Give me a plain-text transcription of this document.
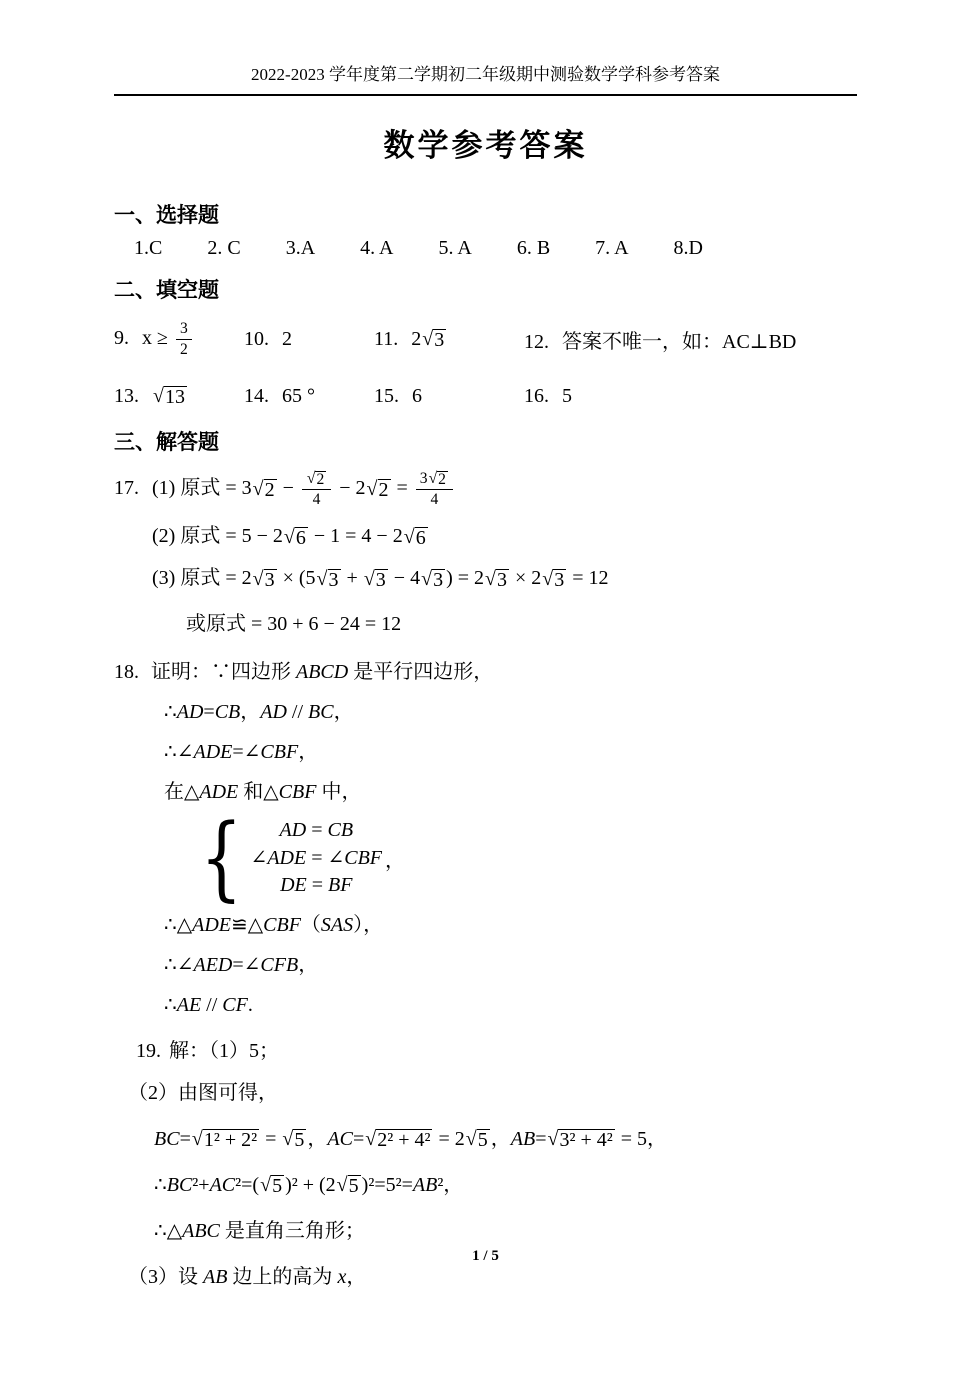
2022-2023 学年度第二学期初二年级期中测验数学学科参考答案
数学参考答案
一、选择题
1.C 2. C 3.A 4. A 5. A 6. B 7. A 8.D
二、填空题
9. $x \ge \frac{3}{2}$	10. 2	11. 2 √ 3	12. 答案不唯一，如：AC⊥BD
13. √ 13	14. 65 °	15. 6	16. 5
三、解答题
17. (1) 原式 = 3 √ $2 - \frac{√ 2}{4} - 2$ √ $2 = \frac{3 √ 2}{4}$
(2) 原式 = 5 − 2 √ 6 − 1 = 4 − 2 √ 6
(3) 原式 = 2 √ 3 × (5 √ 3 + √ 3 − 4 √ 3 ) = 2 √ 3 × 2 √ 3 = 12
或原式 = 30 + 6 − 24 = 12
18. 证明：∵四边形 ABCD 是平行四边形，
∴AD=CB，AD // BC，
∴∠ADE=∠CBF，
在△ADE 和△CBF 中，
{ AD = CB
∠ADE = ∠CBF
DE = BF
，
∴△ADE≌△CBF（SAS），
∴∠AED=∠CFB，
∴AE // CF.
19. 解：（1）5；
（2）由图可得，
BC= √ 1² + 2² = √ 5 ，AC= √ 2² + 4² = 2 √ 5 ，AB= √ 3² + 4² = 5，
∴BC²+AC²=( √ 5 )² + (2 √ 5 )²=5²=AB²，
∴△ABC 是直角三角形；
（3）设 AB 边上的高为 x，
1 / 5
